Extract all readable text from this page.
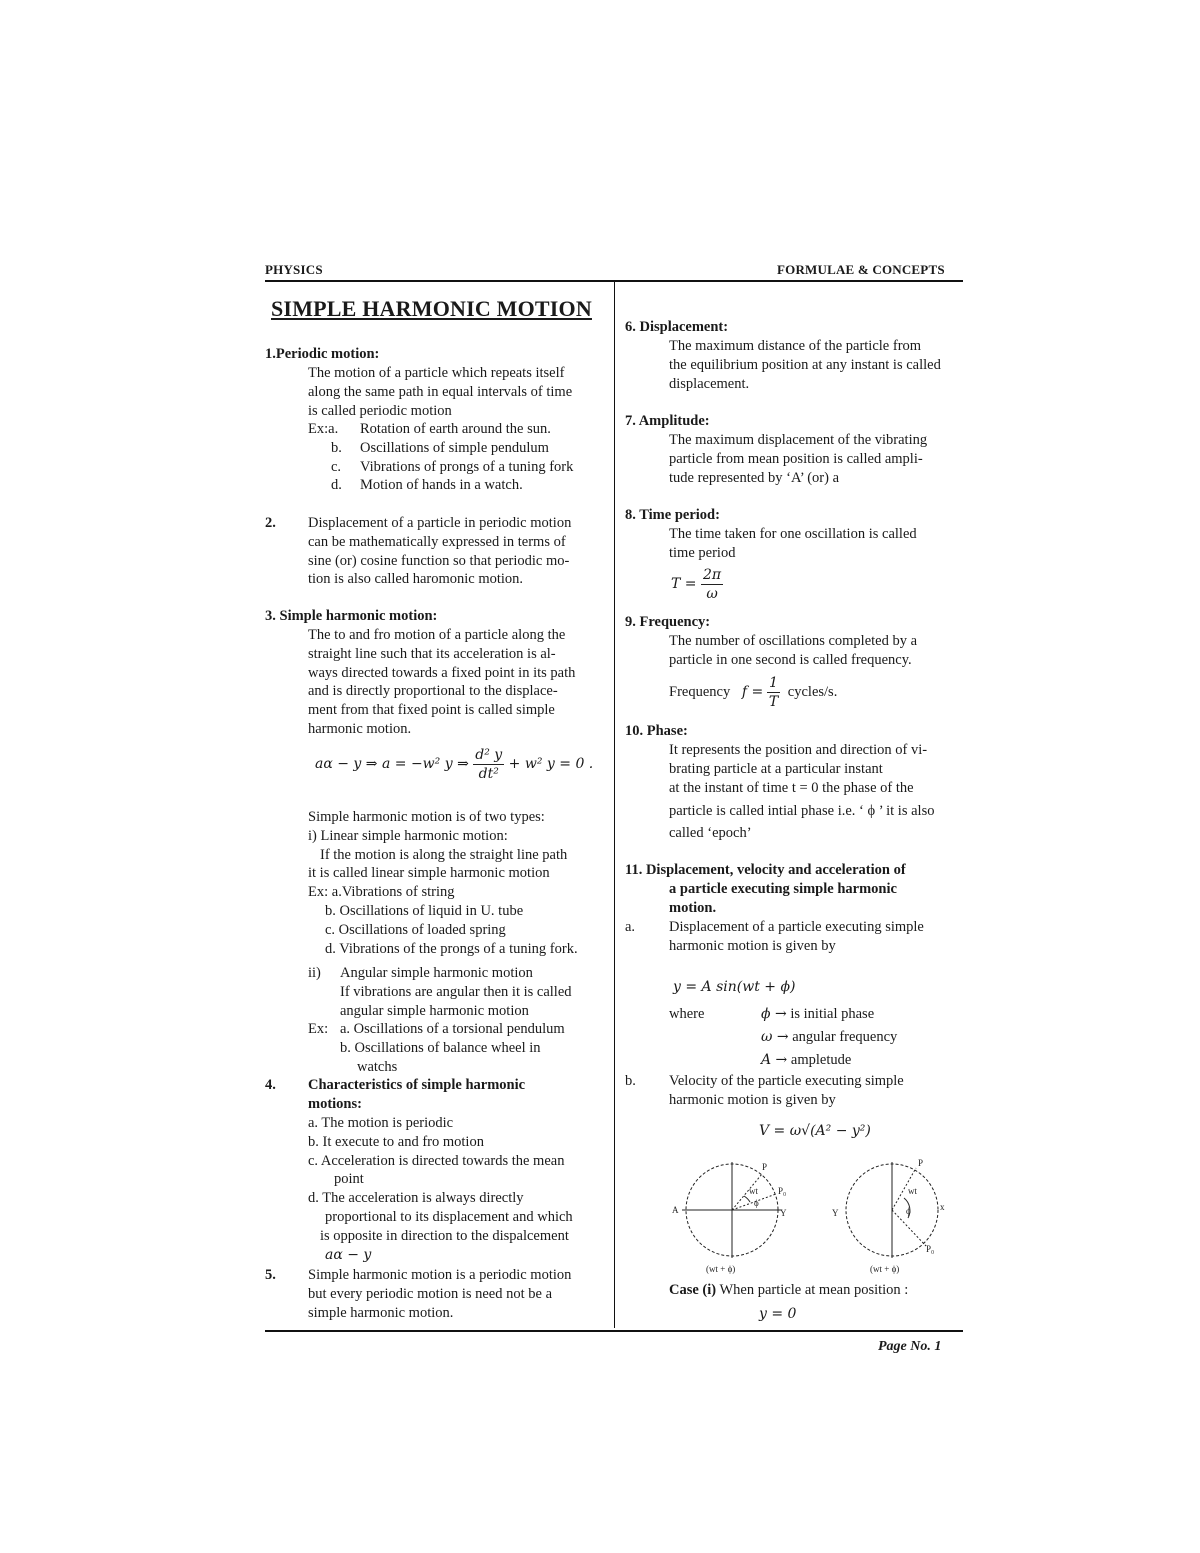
PHYSICS	FORMULAE & CONCEPTS
Page No. 1
SIMPLE HARMONIC MOTION
1.Periodic motion:
The motion of a particle which repeats itself
along the same path in equal intervals of time
is called periodic motion
Ex:a. Rotation of earth around the sun.
b. Oscillations of simple pendulum
c. Vibrations of prongs of a tuning fork
d. Motion of hands in a watch.
2. Displacement of a particle in periodic motion
can be mathematically expressed in terms of
sine (or) cosine function so that periodic mo-
tion is also called haromonic motion.
3. Simple harmonic motion:
The to and fro motion of a particle along the
straight line such that its acceleration is al-
ways directed towards a fixed point in its path
and is directly proportional to the displace-
ment from that fixed point is called simple
harmonic motion.
aα − y ⇒ a = −w² y ⇒ $\frac{\text{d² y}}{\text{dt²}} + w^2$ y = 0 .
Simple harmonic motion is of two types:
i) Linear simple harmonic motion:
If the motion is along the straight line path
it is called linear simple harmonic motion
Ex: a.Vibrations of string
b. Oscillations of liquid in U. tube
c. Oscillations of loaded spring
d. Vibrations of the prongs of a tuning fork.
ii) Angular simple harmonic motion
If vibrations are angular then it is called
angular simple harmonic motion
Ex: a. Oscillations of a torsional pendulum
b. Oscillations of balance wheel in
watchs
4. Characteristics of simple harmonic
motions:
a. The motion is periodic
b. It execute to and fro motion
c. Acceleration is directed towards the mean
point
d. The acceleration is always directly
proportional to its displacement and which
is opposite in direction to the dispalcement
aα − y
5. Simple harmonic motion is a periodic motion
but every periodic motion is need not be a
simple harmonic motion.
6. Displacement:
The maximum distance of the particle from
the equilibrium position at any instant is called
displacement.
7. Amplitude:
The maximum displacement of the vibrating
particle from mean position is called ampli-
tude represented by ‘A’ (or) a
8. Time period:
The time taken for one oscillation is called
time period
$T = \frac{2\pi}{\omega}$
9. Frequency:
The number of oscillations completed by a
particle in one second is called frequency.
Frequency $f = \frac{1}{T}$ cycles/s.
10. Phase:
It represents the position and direction of vi-
brating particle at a particular instant
at the instant of time t = 0 the phase of the
particle is called intial phase i.e. ‘ ϕ ’ it is also
called ‘epoch’
11. Displacement, velocity and acceleration of
a particle executing simple harmonic
motion.
a. Displacement of a particle executing simple
harmonic motion is given by
y = A sin(wt + ϕ)
where	ϕ → is initial phase
ω → angular frequency
A → ampletude
b. Velocity of the particle executing simple
harmonic motion is given by
V = ω√(A² − y²)
P
P₀
wt
ϕ
A	Y
(wt + ϕ)
P
P₀
wt
ϕ
Y
x
(wt + ϕ)
Case (i) When particle at mean position :
y = 0
